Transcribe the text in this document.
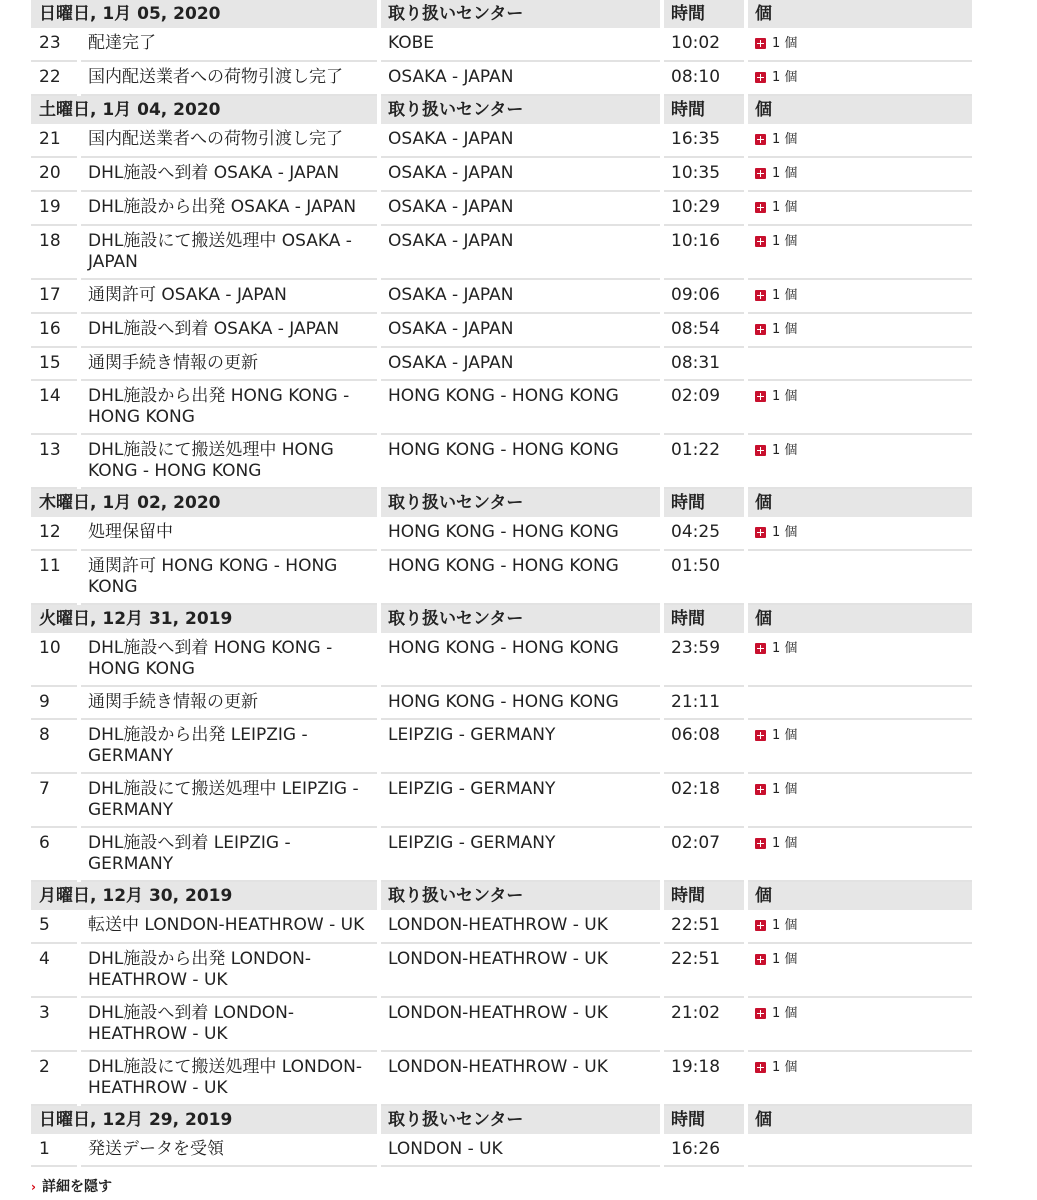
日曜日, 1月 05, 2020		取り扱いセンター	時間	個
23	配達完了	KOBE	10:02	1 個

22	国内配送業者への荷物引渡し完了	OSAKA - JAPAN	08:10	1 個

土曜日, 1月 04, 2020		取り扱いセンター	時間	個
21	国内配送業者への荷物引渡し完了	OSAKA - JAPAN	16:35	1 個

20	DHL施設へ到着 OSAKA - JAPAN	OSAKA - JAPAN	10:35	1 個

19	DHL施設から出発 OSAKA - JAPAN	OSAKA - JAPAN	10:29	1 個

18	DHL施設にて搬送処理中 OSAKA - JAPAN	OSAKA - JAPAN	10:16	1 個

17	通関許可 OSAKA - JAPAN	OSAKA - JAPAN	09:06	1 個

16	DHL施設へ到着 OSAKA - JAPAN	OSAKA - JAPAN	08:54	1 個

15	通関手続き情報の更新	OSAKA - JAPAN	08:31	
14	DHL施設から出発 HONG KONG - HONG KONG	HONG KONG - HONG KONG	02:09	1 個

13	DHL施設にて搬送処理中 HONG KONG - HONG KONG	HONG KONG - HONG KONG	01:22	1 個

木曜日, 1月 02, 2020		取り扱いセンター	時間	個
12	処理保留中	HONG KONG - HONG KONG	04:25	1 個

11	通関許可 HONG KONG - HONG KONG	HONG KONG - HONG KONG	01:50	
火曜日, 12月 31, 2019		取り扱いセンター	時間	個
10	DHL施設へ到着 HONG KONG - HONG KONG	HONG KONG - HONG KONG	23:59	1 個

9	通関手続き情報の更新	HONG KONG - HONG KONG	21:11	
8	DHL施設から出発 LEIPZIG - GERMANY	LEIPZIG - GERMANY	06:08	1 個

7	DHL施設にて搬送処理中 LEIPZIG - GERMANY	LEIPZIG - GERMANY	02:18	1 個

6	DHL施設へ到着 LEIPZIG - GERMANY	LEIPZIG - GERMANY	02:07	1 個

月曜日, 12月 30, 2019		取り扱いセンター	時間	個
5	転送中 LONDON-HEATHROW - UK	LONDON-HEATHROW - UK	22:51	1 個

4	DHL施設から出発 LONDON-HEATHROW - UK	LONDON-HEATHROW - UK	22:51	1 個

3	DHL施設へ到着 LONDON-HEATHROW - UK	LONDON-HEATHROW - UK	21:02	1 個

2	DHL施設にて搬送処理中 LONDON-HEATHROW - UK	LONDON-HEATHROW - UK	19:18	1 個

日曜日, 12月 29, 2019		取り扱いセンター	時間	個
1	発送データを受領	LONDON - UK	16:26	
› 詳細を隠す
